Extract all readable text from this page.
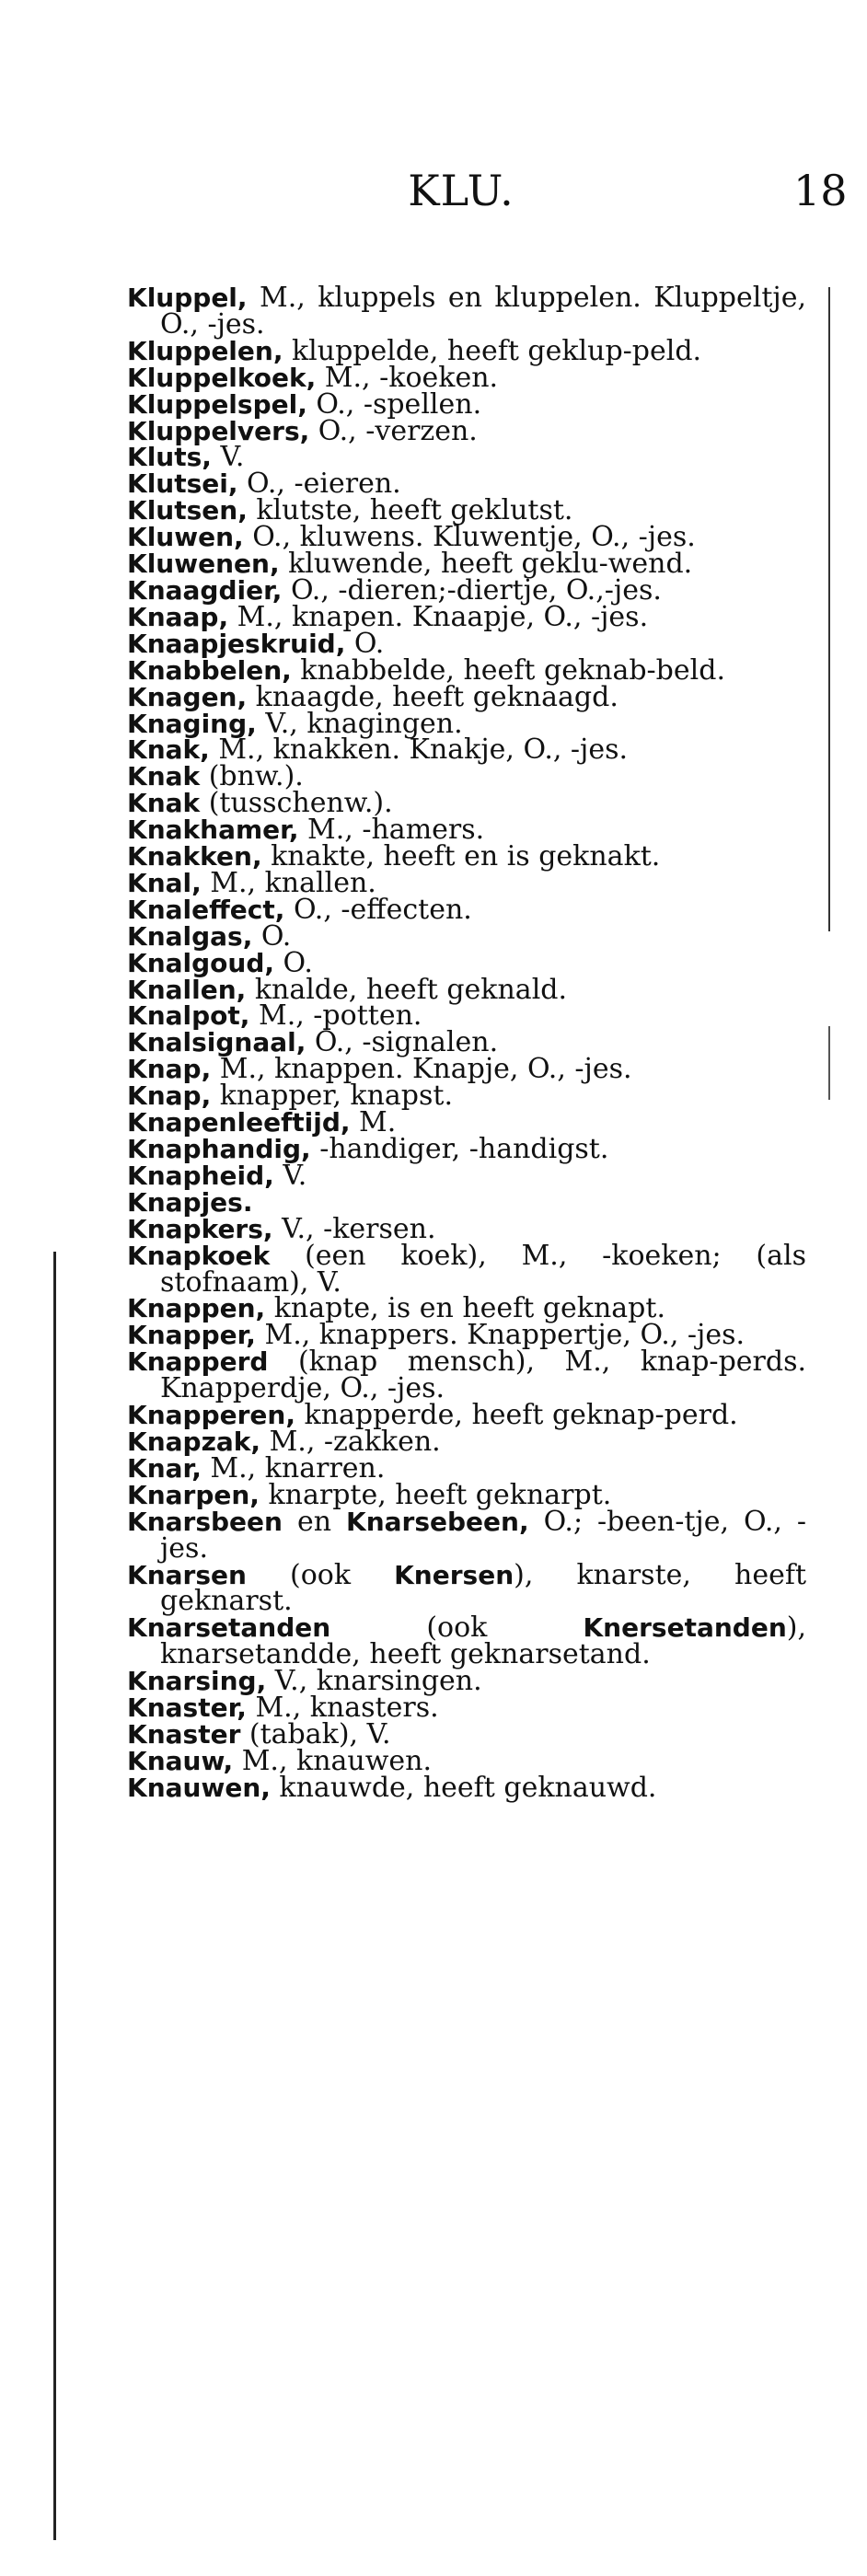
KLU.	18
Kluppel, M., kluppels en kluppelen. Kluppeltje, O., -jes.
Kluppelen, kluppelde, heeft geklup-peld.
Kluppelkoek, M., -koeken.
Kluppelspel, O., -spellen.
Kluppelvers, O., -verzen.
Kluts, V.
Klutsei, O., -eieren.
Klutsen, klutste, heeft geklutst.
Kluwen, O., kluwens. Kluwentje, O., -jes.
Kluwenen, kluwende, heeft geklu-wend.
Knaagdier, O., -dieren;-diertje, O.,-jes.
Knaap, M., knapen. Knaapje, O., -jes.
Knaapjeskruid, O.
Knabbelen, knabbelde, heeft geknab-beld.
Knagen, knaagde, heeft geknaagd.
Knaging, V., knagingen.
Knak, M., knakken. Knakje, O., -jes.
Knak (bnw.).
Knak (tusschenw.).
Knakhamer, M., -hamers.
Knakken, knakte, heeft en is geknakt.
Knal, M., knallen.
Knaleffect, O., -effecten.
Knalgas, O.
Knalgoud, O.
Knallen, knalde, heeft geknald.
Knalpot, M., -potten.
Knalsignaal, O., -signalen.
Knap, M., knappen. Knapje, O., -jes.
Knap, knapper, knapst.
Knapenleeftijd, M.
Knaphandig, -handiger, -handigst.
Knapheid, V.
Knapjes.
Knapkers, V., -kersen.
Knapkoek (een koek), M., -koeken; (als stofnaam), V.
Knappen, knapte, is en heeft geknapt.
Knapper, M., knappers. Knappertje, O., -jes.
Knapperd (knap mensch), M., knap-perds. Knapperdje, O., -jes.
Knapperen, knapperde, heeft geknap-perd.
Knapzak, M., -zakken.
Knar, M., knarren.
Knarpen, knarpte, heeft geknarpt.
Knarsbeen en Knarsebeen, O.; -been-tje, O., -jes.
Knarsen (ook Knersen), knarste, heeft geknarst.
Knarsetanden (ook Knersetanden), knarsetandde, heeft geknarsetand.
Knarsing, V., knarsingen.
Knaster, M., knasters.
Knaster (tabak), V.
Knauw, M., knauwen.
Knauwen, knauwde, heeft geknauwd.
